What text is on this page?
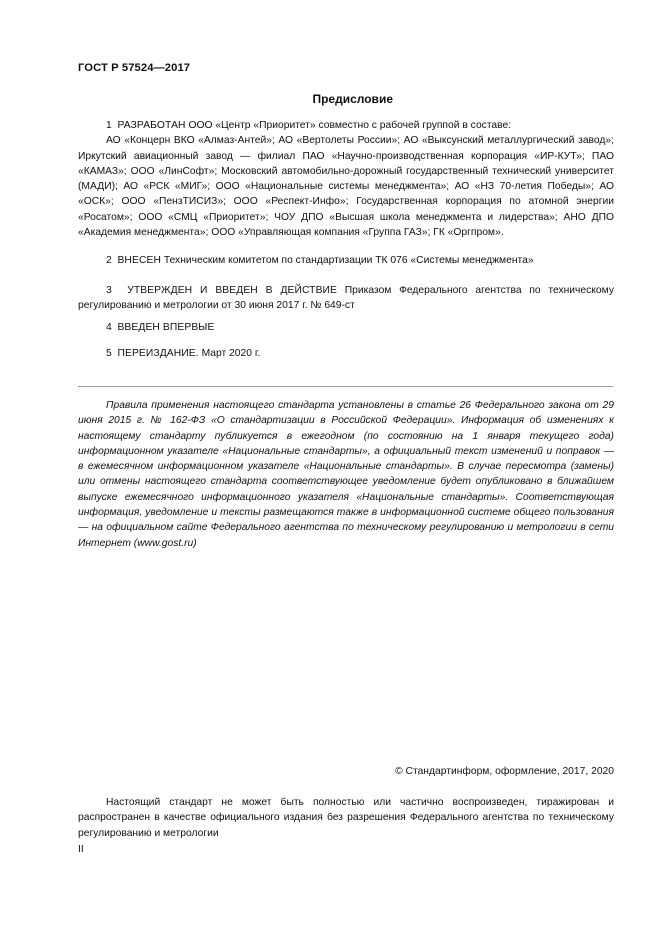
ГОСТ Р 57524—2017
Предисловие

1 РАЗРАБОТАН ООО «Центр «Приоритет» совместно с рабочей группой в составе:

АО «Концерн ВКО «Алмаз-Антей»; АО «Вертолеты России»; АО «Выксунский металлургический завод»; Иркутский авиационный завод — филиал ПАО «Научно-производственная корпорация «ИР-КУТ»; ПАО «КАМАЗ»; ООО «ЛинСофт»; Московский автомобильно-дорожный государственный технический университет (МАДИ); АО «РСК «МИГ»; ООО «Национальные системы менеджмента»; АО «НЗ 70-летия Победы»; АО «ОСК»; ООО «ПензТИСИЗ»; ООО «Респект-Инфо»; Государственная корпорация по атомной энергии «Росатом»; ООО «СМЦ «Приоритет»; ЧОУ ДПО «Высшая школа менеджмента и лидерства»; АНО ДПО «Академия менеджмента»; ООО «Управляющая компания «Группа ГАЗ»; ГК «Оргпром».

2 ВНЕСЕН Техническим комитетом по стандартизации ТК 076 «Системы менеджмента»

3 УТВЕРЖДЕН И ВВЕДЕН В ДЕЙСТВИЕ Приказом Федерального агентства по техническому регулированию и метрологии от 30 июня 2017 г. № 649-ст

4 ВВЕДЕН ВПЕРВЫЕ

5 ПЕРЕИЗДАНИЕ. Март 2020 г.

Правила применения настоящего стандарта установлены в статье 26 Федерального закона от 29 июня 2015 г. № 162-ФЗ «О стандартизации в Российской Федерации». Информация об изменениях к настоящему стандарту публикуется в ежегодном (по состоянию на 1 января текущего года) информационном указателе «Национальные стандарты», а официальный текст изменений и поправок — в ежемесячном информационном указателе «Национальные стандарты». В случае пересмотра (замены) или отмены настоящего стандарта соответствующее уведомление будет опубликовано в ближайшем выпуске ежемесячного информационного указателя «Национальные стандарты». Соответствующая информация, уведомление и тексты размещаются также в информационной системе общего пользования — на официальном сайте Федерального агентства по техническому регулированию и метрологии в сети Интернет (www.gost.ru)

© Стандартинформ, оформление, 2017, 2020

Настоящий стандарт не может быть полностью или частично воспроизведен, тиражирован и распространен в качестве официального издания без разрешения Федерального агентства по техническому регулированию и метрологии

II
